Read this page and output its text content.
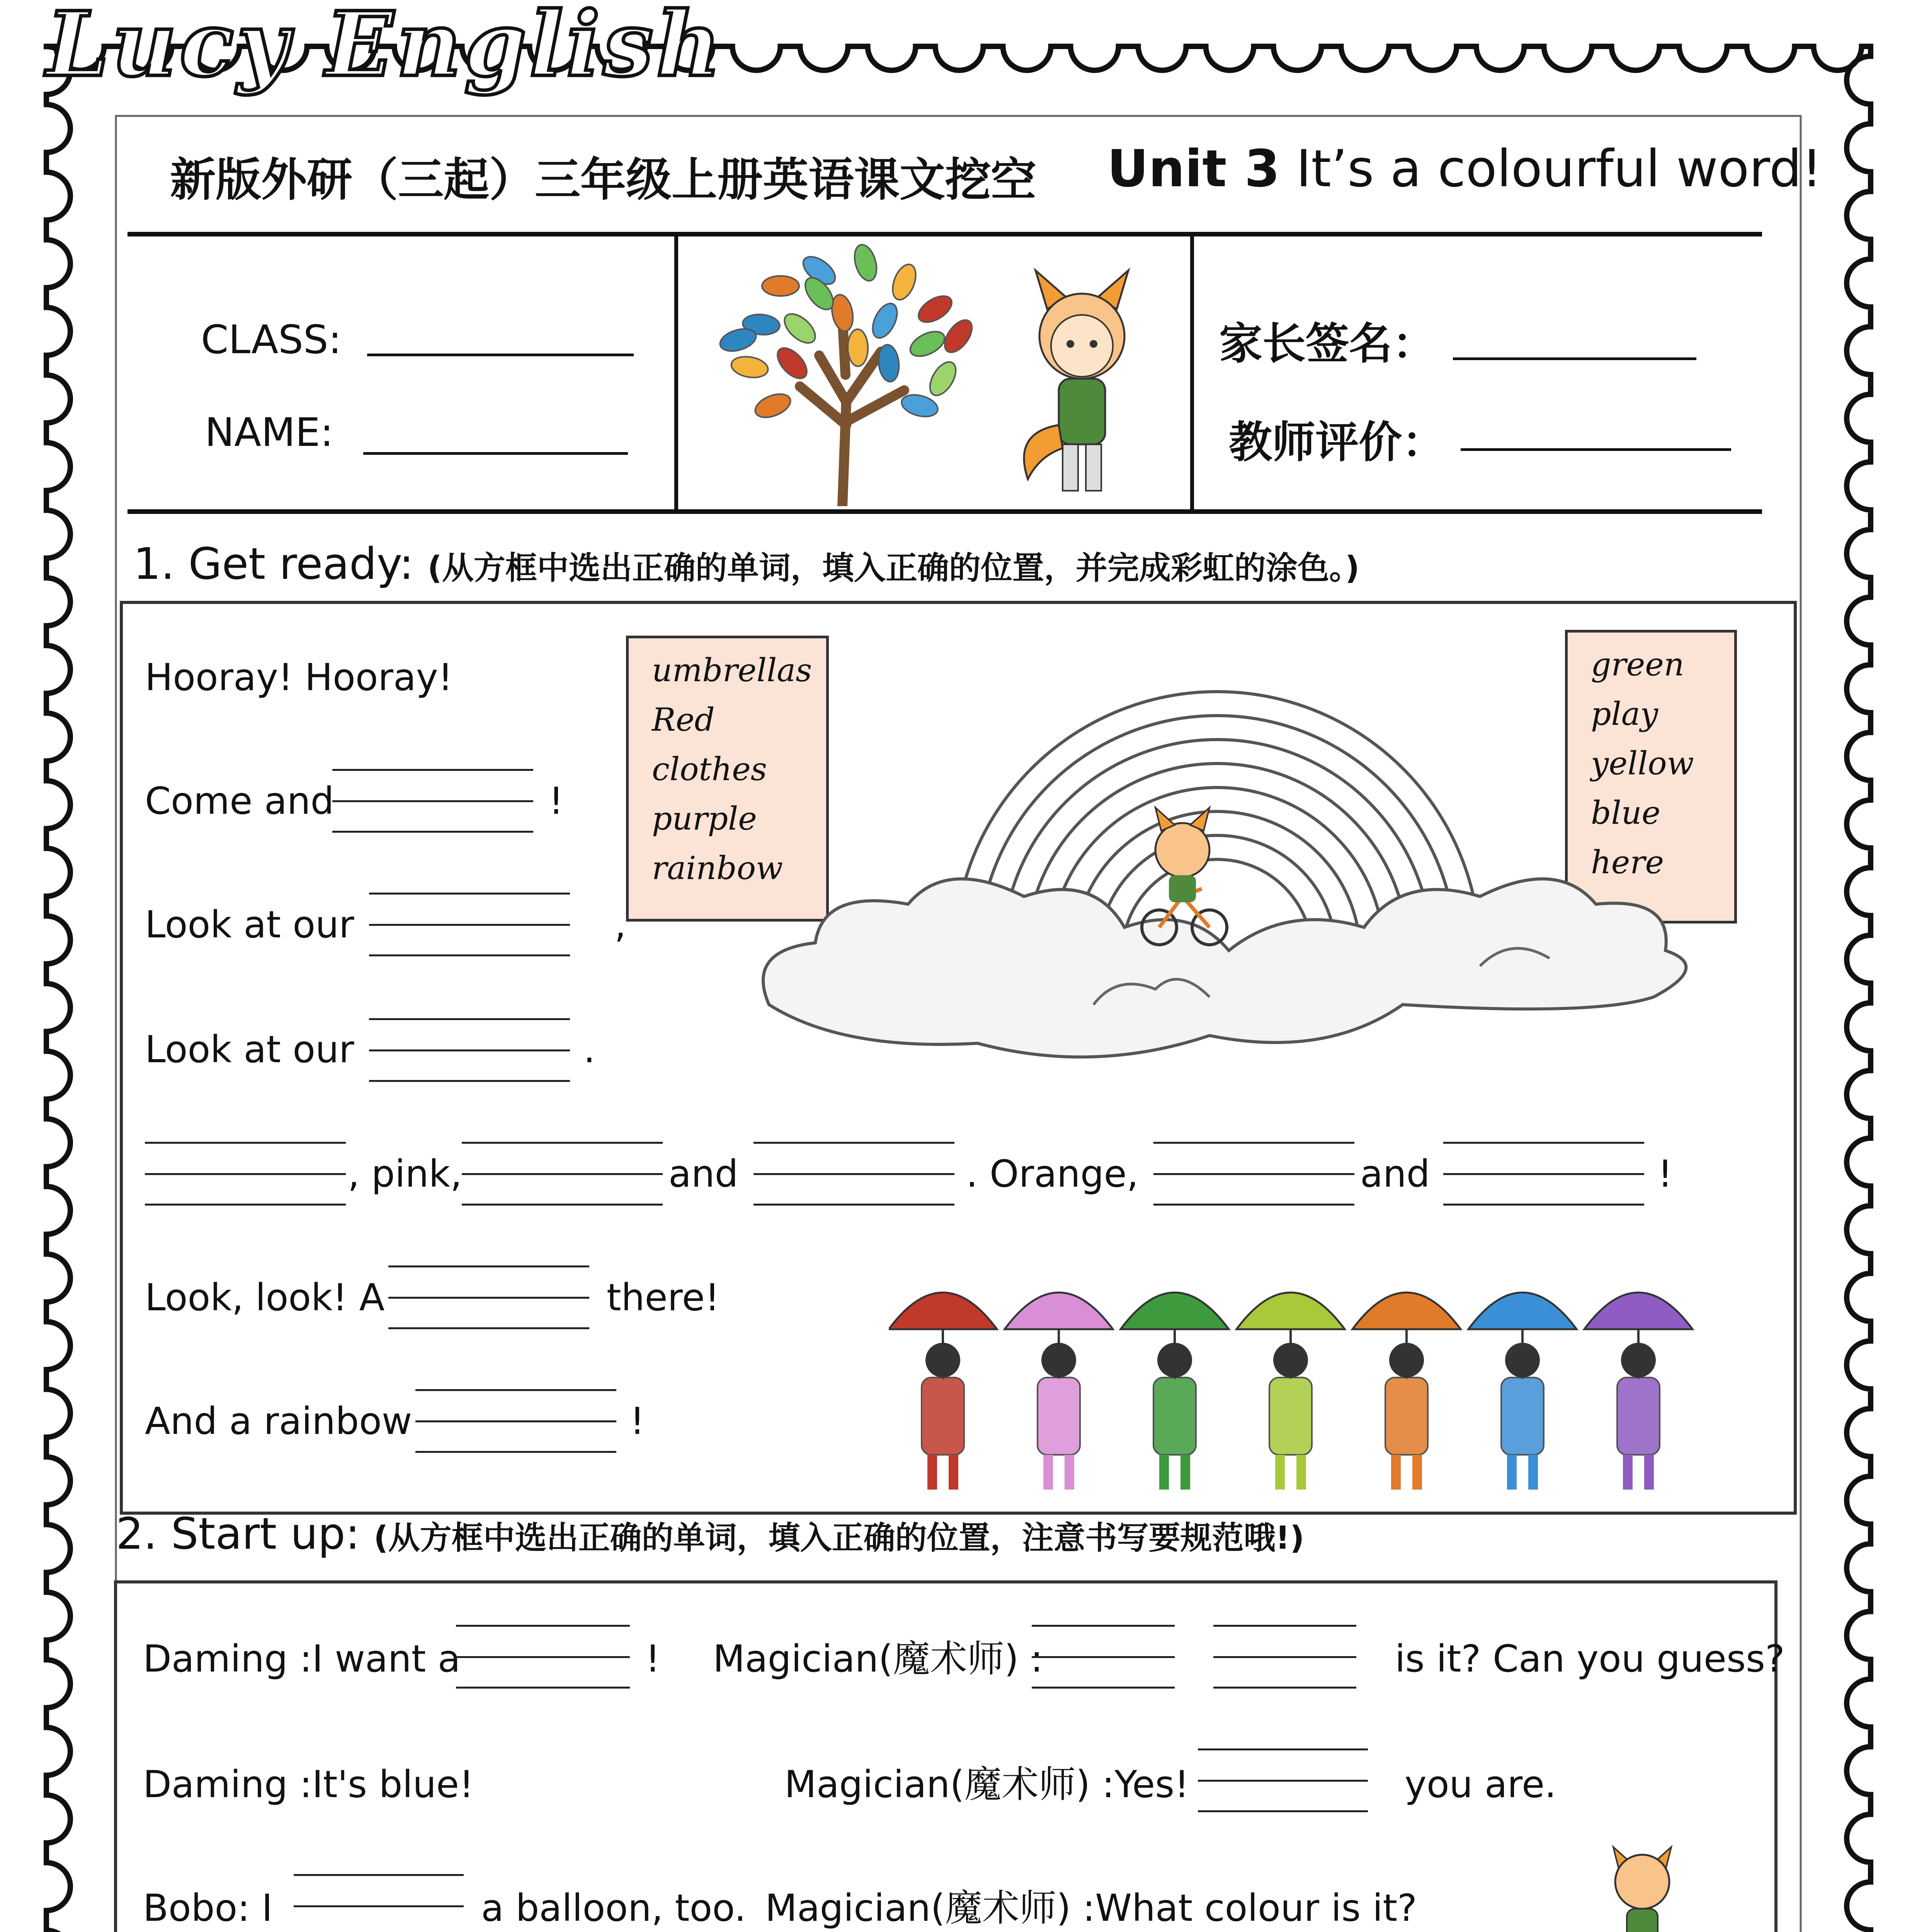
Lucy English
新版外研（三起）三年级上册英语课文挖空 Unit 3 It’s a colourful word!
CLASS:
NAME:
家长签名：
教师评价：
1. Get ready: (从方框中选出正确的单词，填入正确的位置，并完成彩虹的涂色。)
umbrellas
Red
clothes
purple
rainbow
green
play
yellow
blue
here
Hooray! Hooray!
Come and	!
Look at our	,
Look at our	.
, pink,	and	. Orange,	and	!
Look, look! A	there!
And a rainbow	!
2. Start up: (从方框中选出正确的单词，填入正确的位置，注意书写要规范哦!)
Daming :I want a	! Magician(魔术师) :	is it? Can you guess?
Daming :It's blue!	Magician(魔术师) :Yes!	you are.
Bobo: I	a balloon, too. Magician(魔术师) :What colour is it?
